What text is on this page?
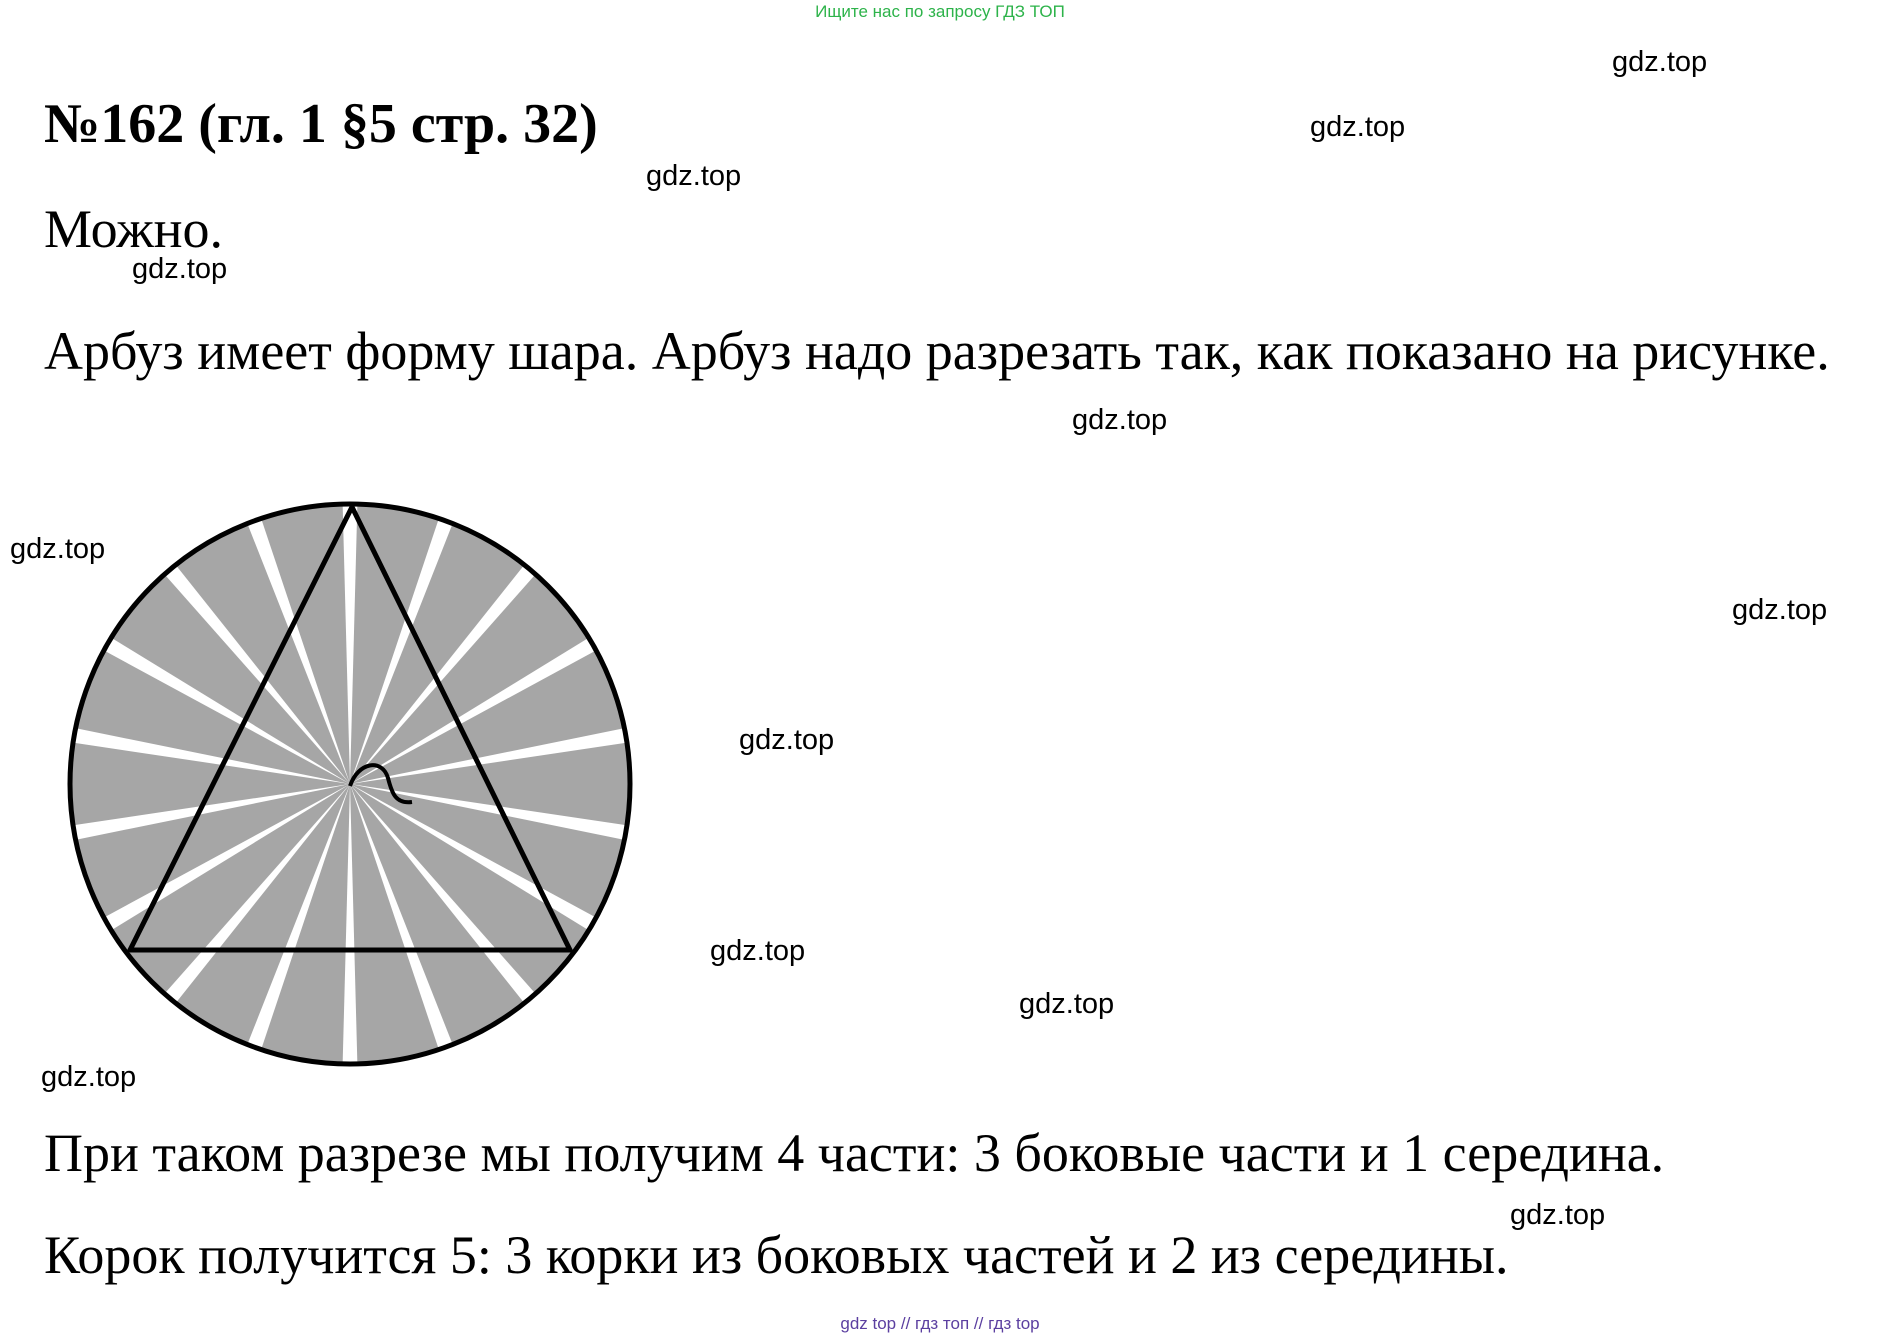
Ищите нас по запросу ГДЗ ТОП
№162 (гл. 1 §5 стр. 32)
Можно.
Арбуз имеет форму шара. Арбуз надо разрезать так, как показано на рисунке.
При таком разрезе мы получим 4 части: 3 боковые части и 1 середина.
Корок получится 5: 3 корки из боковых частей и 2 из середины.
gdz.top
gdz.top
gdz.top
gdz.top
gdz.top
gdz.top
gdz.top
gdz.top
gdz.top
gdz.top
gdz.top
gdz.top
gdz top // гдз топ // гдз top
